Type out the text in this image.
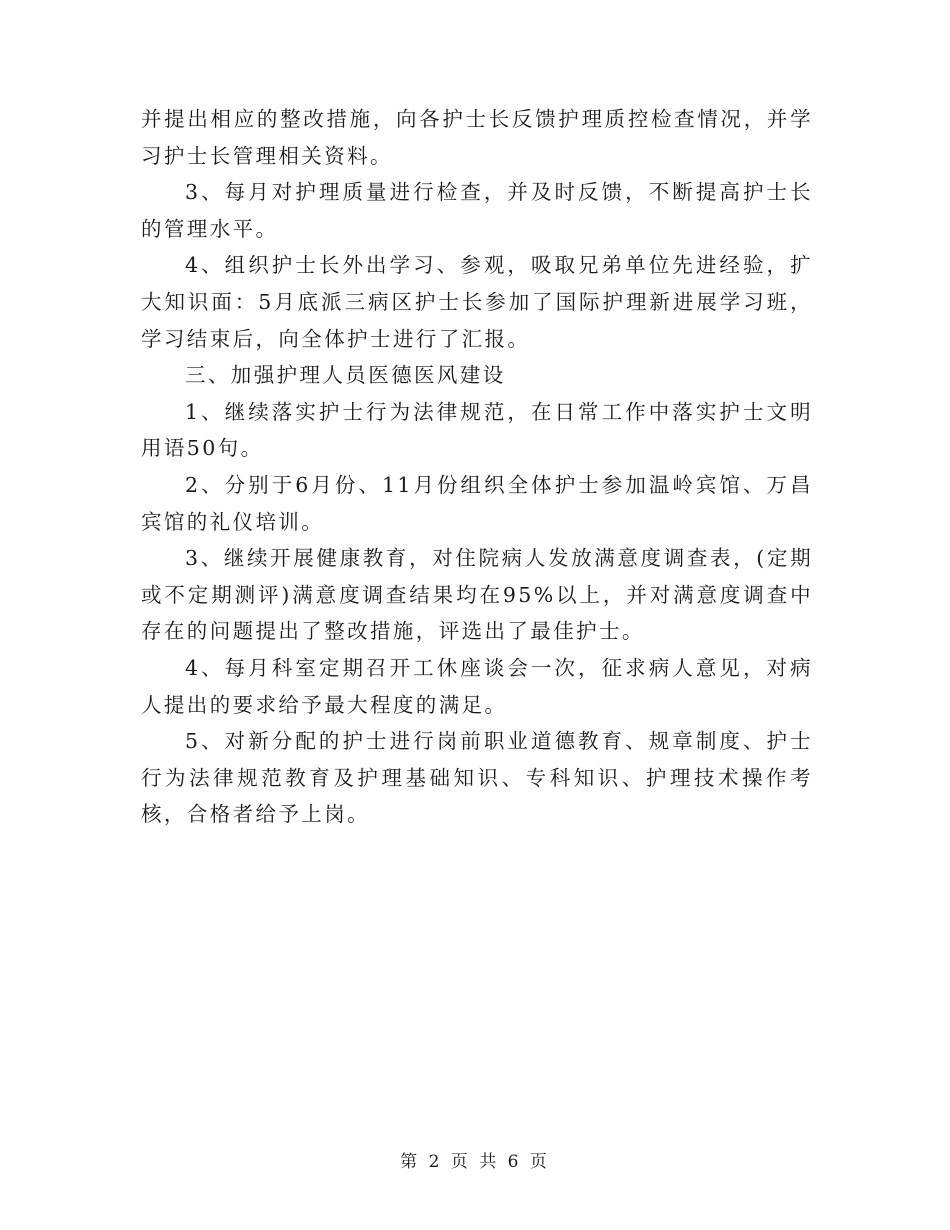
并提出相应的整改措施，向各护士长反馈护理质控检查情况，并学习护士长管理相关资料。

3、每月对护理质量进行检查，并及时反馈，不断提高护士长的管理水平。

4、组织护士长外出学习、参观，吸取兄弟单位先进经验，扩大知识面：5月底派三病区护士长参加了国际护理新进展学习班，学习结束后，向全体护士进行了汇报。

三、加强护理人员医德医风建设

1、继续落实护士行为法律规范，在日常工作中落实护士文明用语50句。

2、分别于6月份、11月份组织全体护士参加温岭宾馆、万昌宾馆的礼仪培训。

3、继续开展健康教育，对住院病人发放满意度调查表，(定期或不定期测评)满意度调查结果均在95%以上，并对满意度调查中存在的问题提出了整改措施，评选出了最佳护士。

4、每月科室定期召开工休座谈会一次，征求病人意见，对病人提出的要求给予最大程度的满足。

5、对新分配的护士进行岗前职业道德教育、规章制度、护士行为法律规范教育及护理基础知识、专科知识、护理技术操作考核，合格者给予上岗。

第 2 页 共 6 页
